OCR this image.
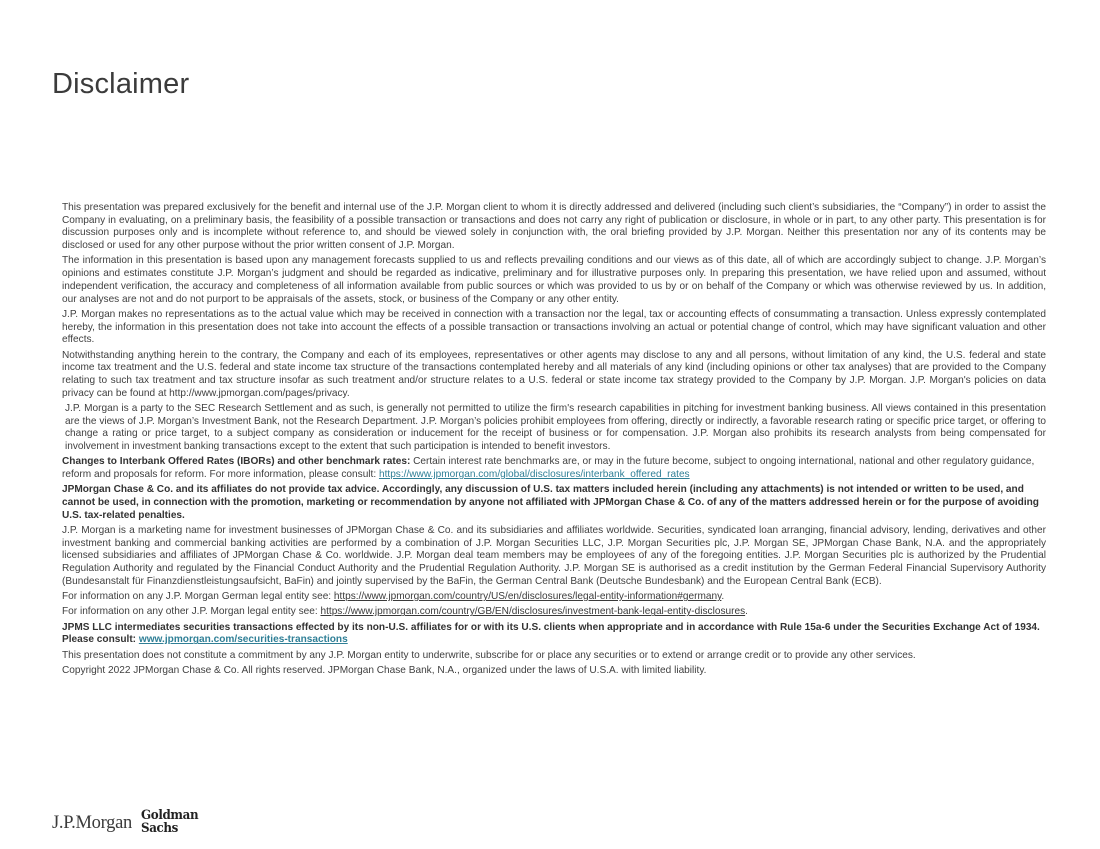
Disclaimer

This presentation was prepared exclusively for the benefit and internal use of the J.P. Morgan client to whom it is directly addressed and delivered (including such client’s subsidiaries, the “Company”) in order to assist the Company in evaluating, on a preliminary basis, the feasibility of a possible transaction or transactions and does not carry any right of publication or disclosure, in whole or in part, to any other party. This presentation is for discussion purposes only and is incomplete without reference to, and should be viewed solely in conjunction with, the oral briefing provided by J.P. Morgan. Neither this presentation nor any of its contents may be disclosed or used for any other purpose without the prior written consent of J.P. Morgan.

The information in this presentation is based upon any management forecasts supplied to us and reflects prevailing conditions and our views as of this date, all of which are accordingly subject to change. J.P. Morgan’s opinions and estimates constitute J.P. Morgan’s judgment and should be regarded as indicative, preliminary and for illustrative purposes only. In preparing this presentation, we have relied upon and assumed, without independent verification, the accuracy and completeness of all information available from public sources or which was provided to us by or on behalf of the Company or which was otherwise reviewed by us. In addition, our analyses are not and do not purport to be appraisals of the assets, stock, or business of the Company or any other entity.

J.P. Morgan makes no representations as to the actual value which may be received in connection with a transaction nor the legal, tax or accounting effects of consummating a transaction. Unless expressly contemplated hereby, the information in this presentation does not take into account the effects of a possible transaction or transactions involving an actual or potential change of control, which may have significant valuation and other effects.

Notwithstanding anything herein to the contrary, the Company and each of its employees, representatives or other agents may disclose to any and all persons, without limitation of any kind, the U.S. federal and state income tax treatment and the U.S. federal and state income tax structure of the transactions contemplated hereby and all materials of any kind (including opinions or other tax analyses) that are provided to the Company relating to such tax treatment and tax structure insofar as such treatment and/or structure relates to a U.S. federal or state income tax strategy provided to the Company by J.P. Morgan. J.P. Morgan's policies on data privacy can be found at http://www.jpmorgan.com/pages/privacy.

J.P. Morgan is a party to the SEC Research Settlement and as such, is generally not permitted to utilize the firm's research capabilities in pitching for investment banking business. All views contained in this presentation are the views of J.P. Morgan’s Investment Bank, not the Research Department. J.P. Morgan’s policies prohibit employees from offering, directly or indirectly, a favorable research rating or specific price target, or offering to change a rating or price target, to a subject company as consideration or inducement for the receipt of business or for compensation. J.P. Morgan also prohibits its research analysts from being compensated for involvement in investment banking transactions except to the extent that such participation is intended to benefit investors.

Changes to Interbank Offered Rates (IBORs) and other benchmark rates: Certain interest rate benchmarks are, or may in the future become, subject to ongoing international, national and other regulatory guidance, reform and proposals for reform. For more information, please consult: https://www.jpmorgan.com/global/disclosures/interbank_offered_rates

JPMorgan Chase & Co. and its affiliates do not provide tax advice. Accordingly, any discussion of U.S. tax matters included herein (including any attachments) is not intended or written to be used, and cannot be used, in connection with the promotion, marketing or recommendation by anyone not affiliated with JPMorgan Chase & Co. of any of the matters addressed herein or for the purpose of avoiding U.S. tax-related penalties.

J.P. Morgan is a marketing name for investment businesses of JPMorgan Chase & Co. and its subsidiaries and affiliates worldwide. Securities, syndicated loan arranging, financial advisory, lending, derivatives and other investment banking and commercial banking activities are performed by a combination of J.P. Morgan Securities LLC, J.P. Morgan Securities plc, J.P. Morgan SE, JPMorgan Chase Bank, N.A. and the appropriately licensed subsidiaries and affiliates of JPMorgan Chase & Co. worldwide. J.P. Morgan deal team members may be employees of any of the foregoing entities. J.P. Morgan Securities plc is authorized by the Prudential Regulation Authority and regulated by the Financial Conduct Authority and the Prudential Regulation Authority. J.P. Morgan SE is authorised as a credit institution by the German Federal Financial Supervisory Authority (Bundesanstalt für Finanzdienstleistungsaufsicht, BaFin) and jointly supervised by the BaFin, the German Central Bank (Deutsche Bundesbank) and the European Central Bank (ECB).

For information on any J.P. Morgan German legal entity see: https://www.jpmorgan.com/country/US/en/disclosures/legal-entity-information#germany.

For information on any other J.P. Morgan legal entity see: https://www.jpmorgan.com/country/GB/EN/disclosures/investment-bank-legal-entity-disclosures.

JPMS LLC intermediates securities transactions effected by its non-U.S. affiliates for or with its U.S. clients when appropriate and in accordance with Rule 15a-6 under the Securities Exchange Act of 1934. Please consult: www.jpmorgan.com/securities-transactions

This presentation does not constitute a commitment by any J.P. Morgan entity to underwrite, subscribe for or place any securities or to extend or arrange credit or to provide any other services.

Copyright 2022 JPMorgan Chase & Co. All rights reserved. JPMorgan Chase Bank, N.A., organized under the laws of U.S.A. with limited liability.

J.P.Morgan Goldman
Sachs
